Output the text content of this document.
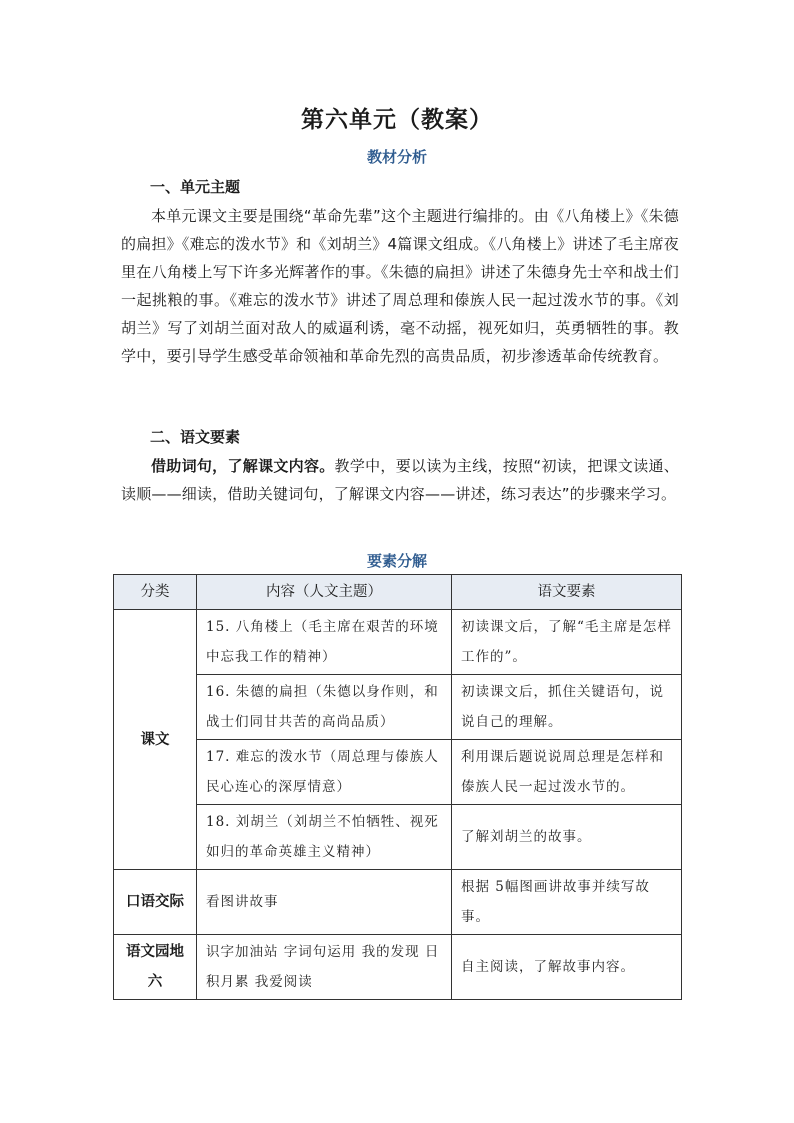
第六单元（教案）
教材分析
一、单元主题
本单元课文主要是围绕“革命先辈”这个主题进行编排的。由《八角楼上》《朱德的扁担》《难忘的泼水节》和《刘胡兰》4篇课文组成。《八角楼上》讲述了毛主席夜里在八角楼上写下许多光辉著作的事。《朱德的扁担》讲述了朱德身先士卒和战士们一起挑粮的事。《难忘的泼水节》讲述了周总理和傣族人民一起过泼水节的事。《刘胡兰》写了刘胡兰面对敌人的威逼利诱，毫不动摇，视死如归，英勇牺牲的事。教学中，要引导学生感受革命领袖和革命先烈的高贵品质，初步渗透革命传统教育。
二、语文要素
借助词句，了解课文内容。教学中，要以读为主线，按照“初读，把课文读通、读顺——细读，借助关键词句，了解课文内容——讲述，练习表达”的步骤来学习。
要素分解
分类	内容（人文主题）	语文要素
课文	15. 八角楼上（毛主席在艰苦的环境中忘我工作的精神）	初读课文后，了解“毛主席是怎样工作的”。
	16. 朱德的扁担（朱德以身作则，和战士们同甘共苦的高尚品质）	初读课文后，抓住关键语句，说说自己的理解。
	17. 难忘的泼水节（周总理与傣族人民心连心的深厚情意）	利用课后题说说周总理是怎样和傣族人民一起过泼水节的。
	18. 刘胡兰（刘胡兰不怕牺牲、视死如归的革命英雄主义精神）	了解刘胡兰的故事。
口语交际	看图讲故事	根据 5幅图画讲故事并续写故事。
语文园地六	识字加油站 字词句运用 我的发现 日积月累 我爱阅读	自主阅读，了解故事内容。
